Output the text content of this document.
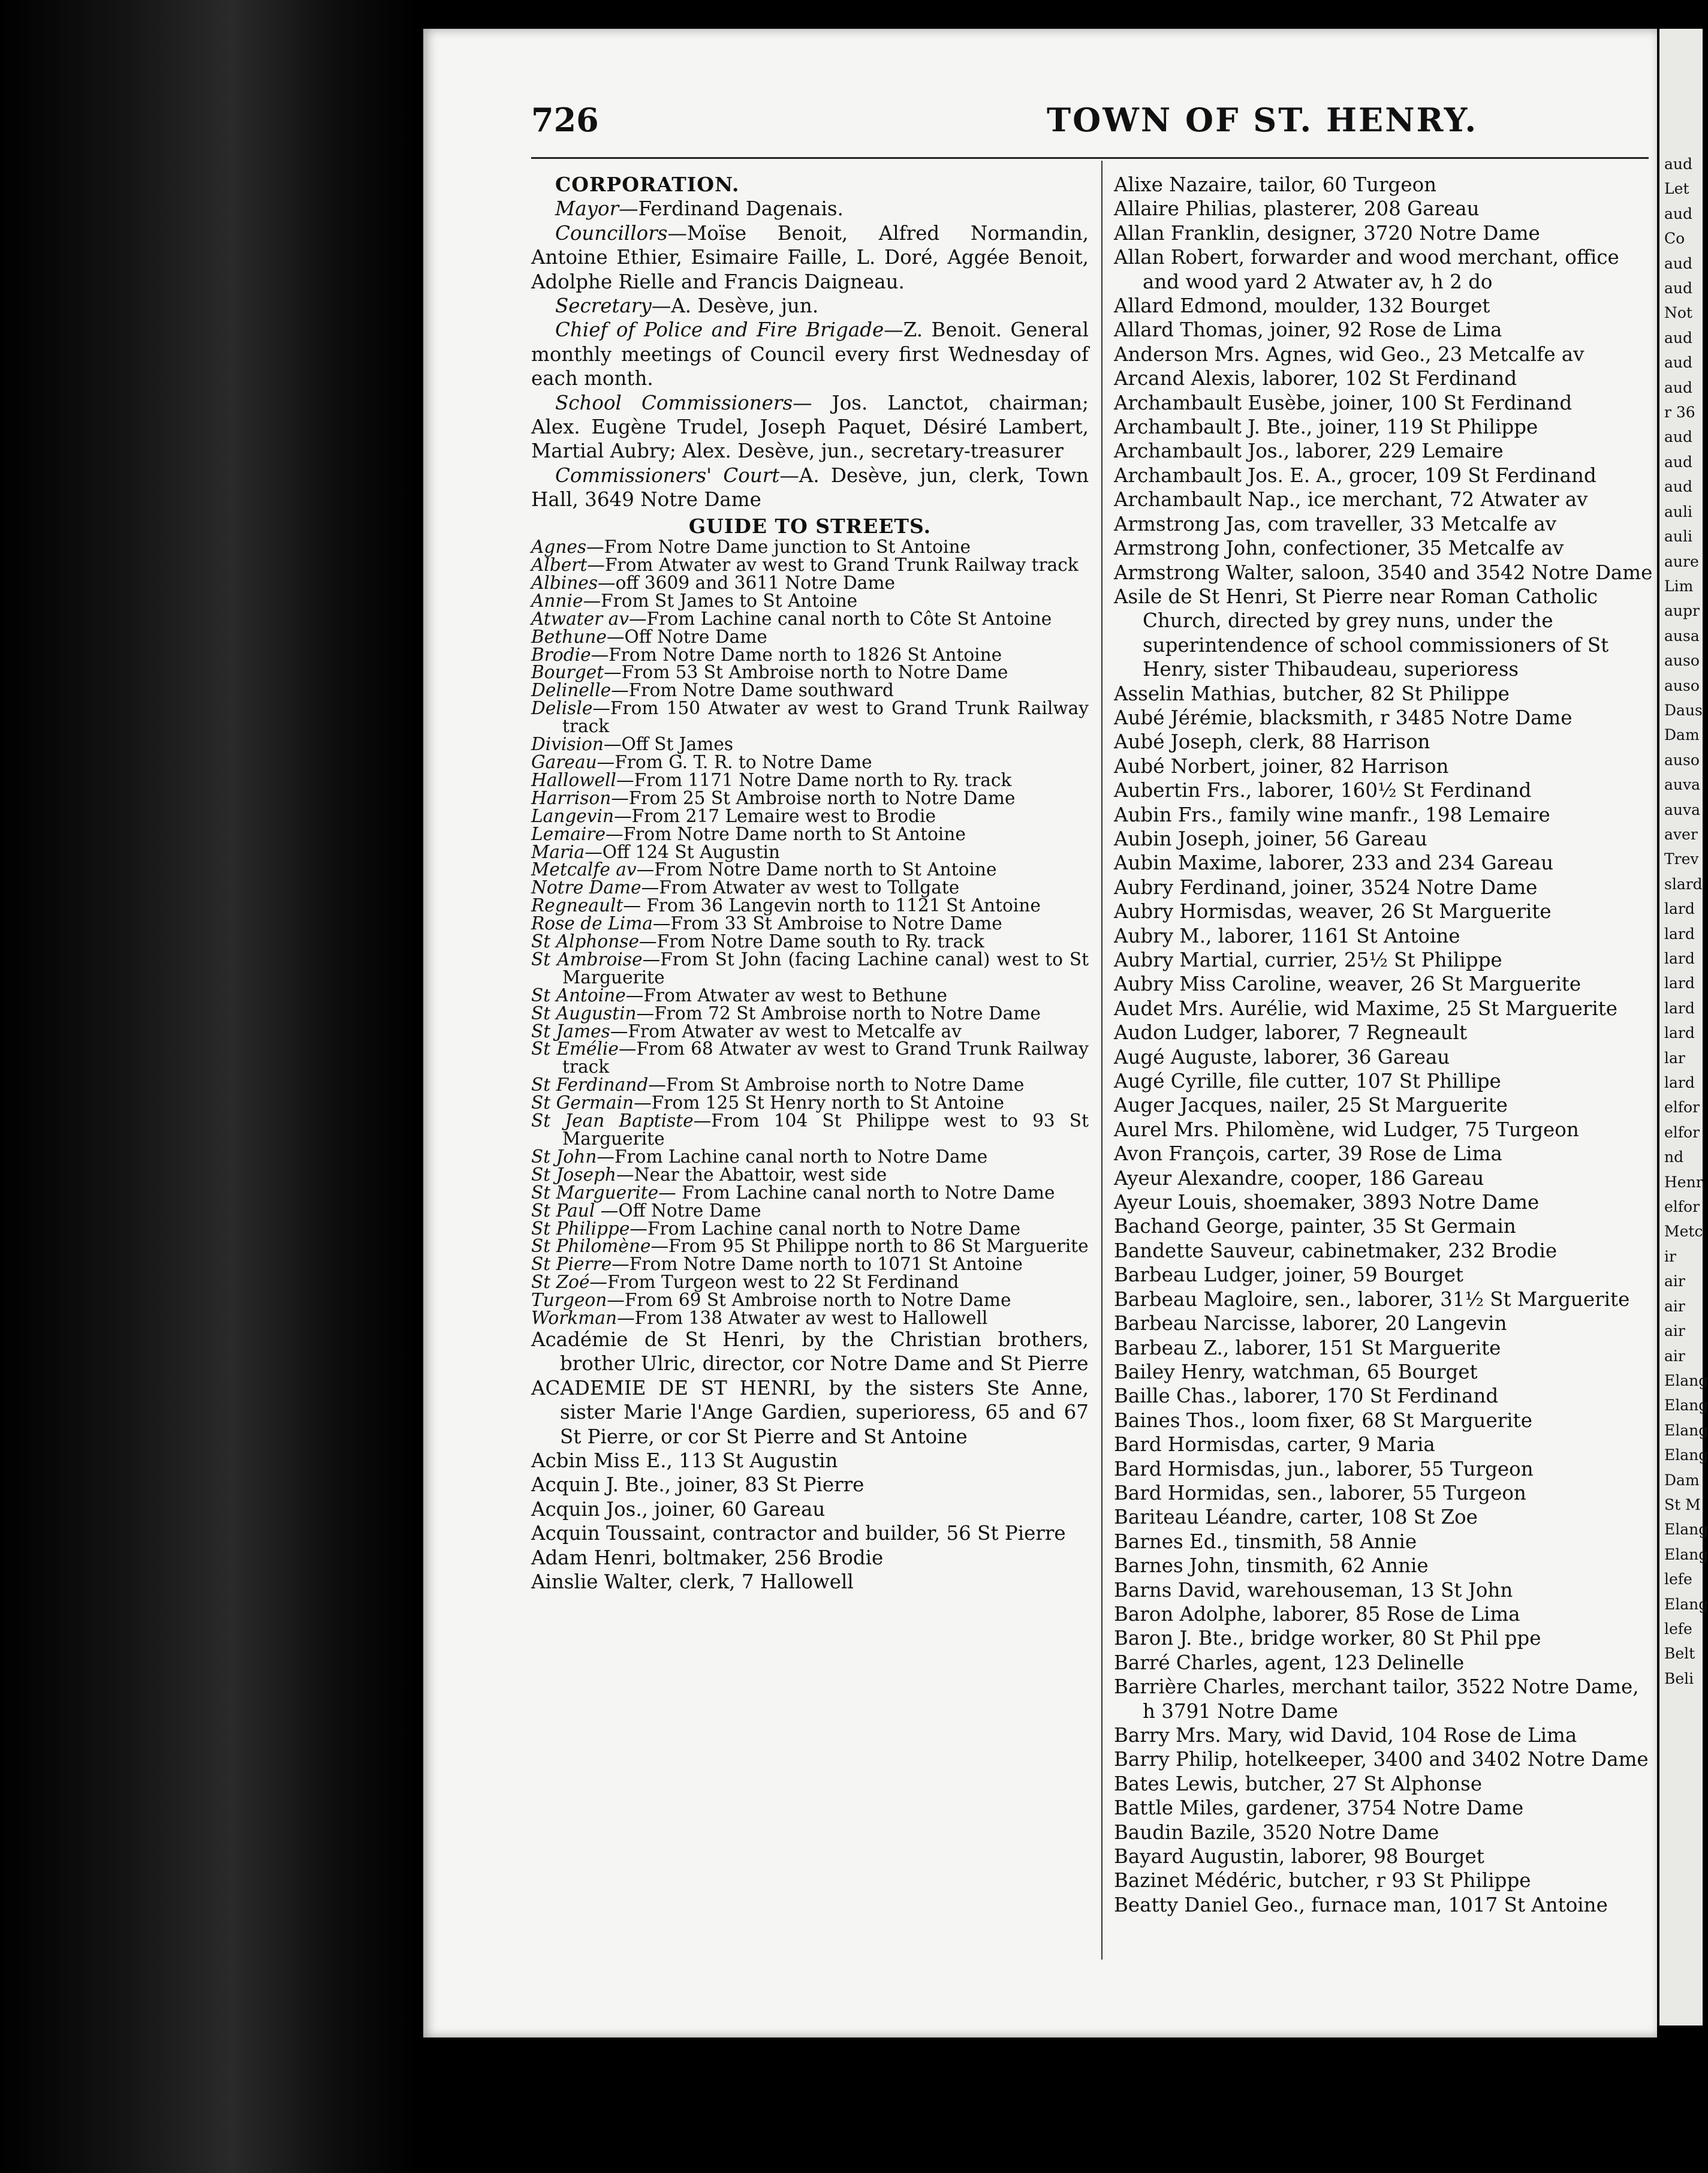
726	TOWN OF ST. HENRY.

CORPORATION.

Mayor—Ferdinand Dagenais.

Councillors—Moïse Benoit, Alfred Normandin, Antoine Ethier, Esimaire Faille, L. Doré, Aggée Benoit, Adolphe Rielle and Francis Daigneau.

Secretary—A. Desève, jun.

Chief of Police and Fire Brigade—Z. Benoit. General monthly meetings of Council every first Wednesday of each month.

School Commissioners— Jos. Lanctot, chairman; Alex. Eugène Trudel, Joseph Paquet, Désiré Lambert, Martial Aubry; Alex. Desève, jun., secretary-treasurer

Commissioners' Court—A. Desève, jun, clerk, Town Hall, 3649 Notre Dame

GUIDE TO STREETS.

Agnes—From Notre Dame junction to St Antoine

Albert—From Atwater av west to Grand Trunk Railway track

Albines—off 3609 and 3611 Notre Dame

Annie—From St James to St Antoine

Atwater av—From Lachine canal north to Côte St Antoine

Bethune—Off Notre Dame

Brodie—From Notre Dame north to 1826 St Antoine

Bourget—From 53 St Ambroise north to Notre Dame

Delinelle—From Notre Dame southward

Delisle—From 150 Atwater av west to Grand Trunk Railway track

Division—Off St James

Gareau—From G. T. R. to Notre Dame

Hallowell—From 1171 Notre Dame north to Ry. track

Harrison—From 25 St Ambroise north to Notre Dame

Langevin—From 217 Lemaire west to Brodie

Lemaire—From Notre Dame north to St Antoine

Maria—Off 124 St Augustin

Metcalfe av—From Notre Dame north to St Antoine

Notre Dame—From Atwater av west to Tollgate

Regneault— From 36 Langevin north to 1121 St Antoine

Rose de Lima—From 33 St Ambroise to Notre Dame

St Alphonse—From Notre Dame south to Ry. track

St Ambroise—From St John (facing Lachine canal) west to St Marguerite

St Antoine—From Atwater av west to Bethune

St Augustin—From 72 St Ambroise north to Notre Dame

St James—From Atwater av west to Metcalfe av

St Emélie—From 68 Atwater av west to Grand Trunk Railway track

St Ferdinand—From St Ambroise north to Notre Dame

St Germain—From 125 St Henry north to St Antoine

St Jean Baptiste—From 104 St Philippe west to 93 St Marguerite

St John—From Lachine canal north to Notre Dame

St Joseph—Near the Abattoir, west side

St Marguerite— From Lachine canal north to Notre Dame

St Paul —Off Notre Dame

St Philippe—From Lachine canal north to Notre Dame

St Philomène—From 95 St Philippe north to 86 St Marguerite

St Pierre—From Notre Dame north to 1071 St Antoine

St Zoé—From Turgeon west to 22 St Ferdinand

Turgeon—From 69 St Ambroise north to Notre Dame

Workman—From 138 Atwater av west to Hallowell

Académie de St Henri, by the Christian brothers, brother Ulric, director, cor Notre Dame and St Pierre

ACADEMIE DE ST HENRI, by the sisters Ste Anne, sister Marie l'Ange Gardien, superioress, 65 and 67 St Pierre, or cor St Pierre and St Antoine

Acbin Miss E., 113 St Augustin

Acquin J. Bte., joiner, 83 St Pierre

Acquin Jos., joiner, 60 Gareau

Acquin Toussaint, contractor and builder, 56 St Pierre

Adam Henri, boltmaker, 256 Brodie

Ainslie Walter, clerk, 7 Hallowell

Alixe Nazaire, tailor, 60 Turgeon

Allaire Philias, plasterer, 208 Gareau

Allan Franklin, designer, 3720 Notre Dame

Allan Robert, forwarder and wood merchant, office and wood yard 2 Atwater av, h 2 do

Allard Edmond, moulder, 132 Bourget

Allard Thomas, joiner, 92 Rose de Lima

Anderson Mrs. Agnes, wid Geo., 23 Metcalfe av

Arcand Alexis, laborer, 102 St Ferdinand

Archambault Eusèbe, joiner, 100 St Ferdinand

Archambault J. Bte., joiner, 119 St Philippe

Archambault Jos., laborer, 229 Lemaire

Archambault Jos. E. A., grocer, 109 St Ferdinand

Archambault Nap., ice merchant, 72 Atwater av

Armstrong Jas, com traveller, 33 Metcalfe av

Armstrong John, confectioner, 35 Metcalfe av

Armstrong Walter, saloon, 3540 and 3542 Notre Dame

Asile de St Henri, St Pierre near Roman Catholic Church, directed by grey nuns, under the superintendence of school commissioners of St Henry, sister Thibaudeau, superioress

Asselin Mathias, butcher, 82 St Philippe

Aubé Jérémie, blacksmith, r 3485 Notre Dame

Aubé Joseph, clerk, 88 Harrison

Aubé Norbert, joiner, 82 Harrison

Aubertin Frs., laborer, 160½ St Ferdinand

Aubin Frs., family wine manfr., 198 Lemaire

Aubin Joseph, joiner, 56 Gareau

Aubin Maxime, laborer, 233 and 234 Gareau

Aubry Ferdinand, joiner, 3524 Notre Dame

Aubry Hormisdas, weaver, 26 St Marguerite

Aubry M., laborer, 1161 St Antoine

Aubry Martial, currier, 25½ St Philippe

Aubry Miss Caroline, weaver, 26 St Marguerite

Audet Mrs. Aurélie, wid Maxime, 25 St Marguerite

Audon Ludger, laborer, 7 Regneault

Augé Auguste, laborer, 36 Gareau

Augé Cyrille, file cutter, 107 St Phillipe

Auger Jacques, nailer, 25 St Marguerite

Aurel Mrs. Philomène, wid Ludger, 75 Turgeon

Avon François, carter, 39 Rose de Lima

Ayeur Alexandre, cooper, 186 Gareau

Ayeur Louis, shoemaker, 3893 Notre Dame

Bachand George, painter, 35 St Germain

Bandette Sauveur, cabinetmaker, 232 Brodie

Barbeau Ludger, joiner, 59 Bourget

Barbeau Magloire, sen., laborer, 31½ St Marguerite

Barbeau Narcisse, laborer, 20 Langevin

Barbeau Z., laborer, 151 St Marguerite

Bailey Henry, watchman, 65 Bourget

Baille Chas., laborer, 170 St Ferdinand

Baines Thos., loom fixer, 68 St Marguerite

Bard Hormisdas, carter, 9 Maria

Bard Hormisdas, jun., laborer, 55 Turgeon

Bard Hormidas, sen., laborer, 55 Turgeon

Bariteau Léandre, carter, 108 St Zoe

Barnes Ed., tinsmith, 58 Annie

Barnes John, tinsmith, 62 Annie

Barns David, warehouseman, 13 St John

Baron Adolphe, laborer, 85 Rose de Lima

Baron J. Bte., bridge worker, 80 St Phil ppe

Barré Charles, agent, 123 Delinelle

Barrière Charles, merchant tailor, 3522 Notre Dame, h 3791 Notre Dame

Barry Mrs. Mary, wid David, 104 Rose de Lima

Barry Philip, hotelkeeper, 3400 and 3402 Notre Dame

Bates Lewis, butcher, 27 St Alphonse

Battle Miles, gardener, 3754 Notre Dame

Baudin Bazile, 3520 Notre Dame

Bayard Augustin, laborer, 98 Bourget

Bazinet Médéric, butcher, r 93 St Philippe

Beatty Daniel Geo., furnace man, 1017 St Antoine

aud
Let
aud
Co
aud
aud
Not
aud
aud
aud
r 36
aud
aud
aud
auli
auli
aure
Lim
aupr
ausa
auso
auso
Daus
Dam
auso
auva
auva
aver
Trev
slard
lard
lard
lard
lard
lard
lard
lar
lard
elfor
elfor
nd
Henr
elfor
Metc
ir
air
air
air
air
Elang
Elang
Elang
Elang
Dam
St M
Elang
Elang
lefe
Elang
lefe
Belt
Beli
